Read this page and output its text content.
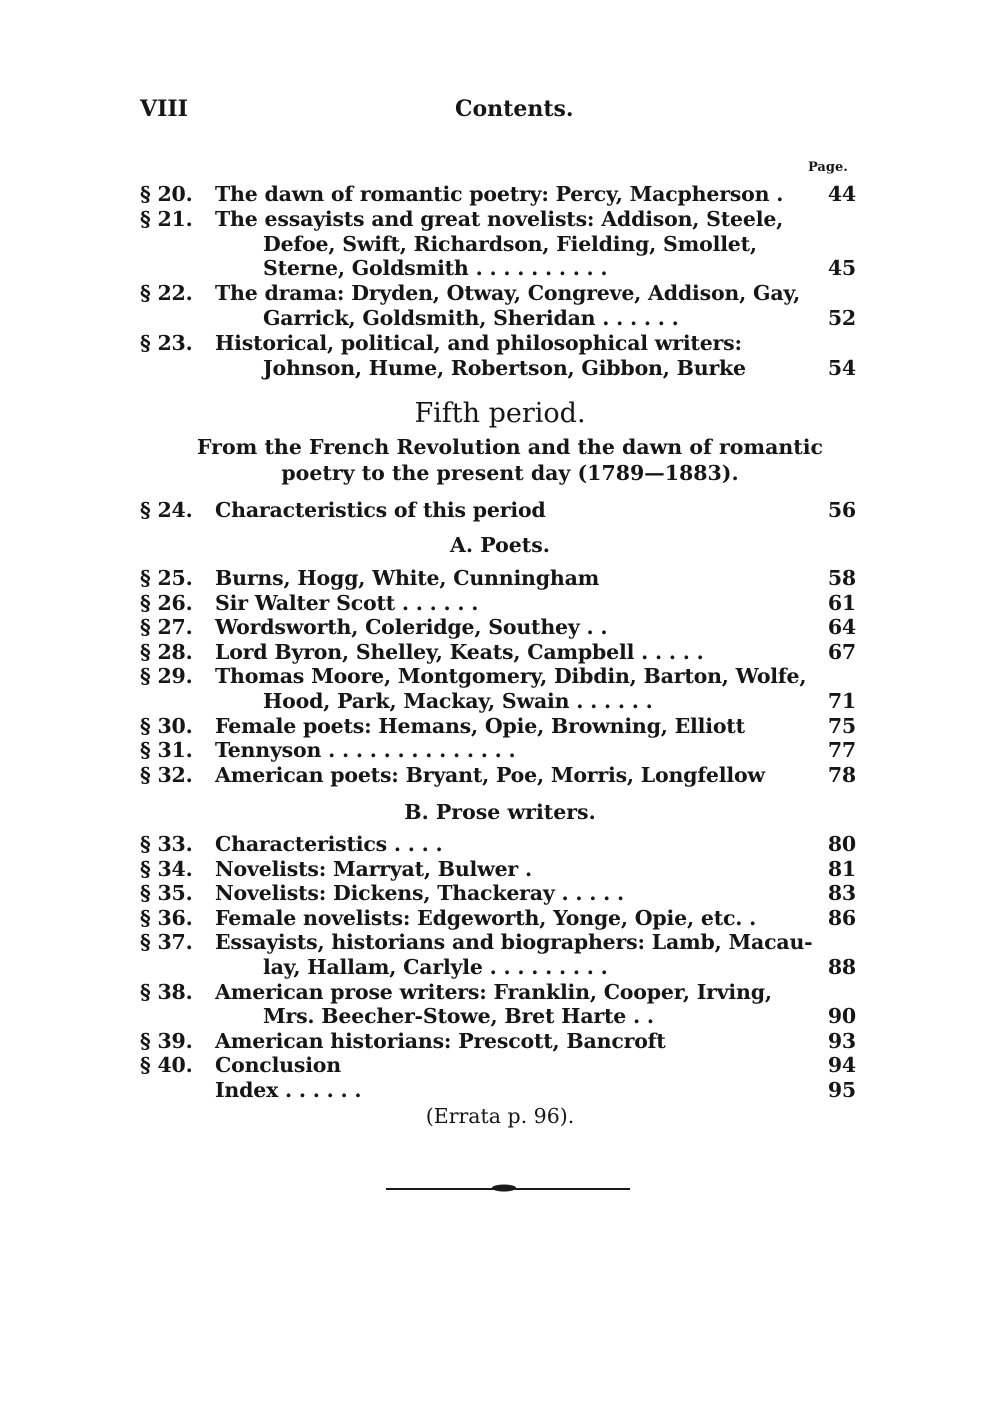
VIII	Contents.
Page.
§ 20.	The dawn of romantic poetry: Percy, Macpherson .	44
§ 21.	The essayists and great novelists: Addison, Steele,
Defoe, Swift, Richardson, Fielding, Smollet,
Sterne, Goldsmith . . . . . . . . . .	45
§ 22.	The drama: Dryden, Otway, Congreve, Addison, Gay,
Garrick, Goldsmith, Sheridan . . . . . .	52
§ 23.	Historical, political, and philosophical writers:
Johnson, Hume, Robertson, Gibbon, Burke	54
Fifth period.
From the French Revolution and the dawn of romantic poetry to the present day (1789—1883).
§ 24.	Characteristics of this period	56
A. Poets.
§ 25.	Burns, Hogg, White, Cunningham	58
§ 26.	Sir Walter Scott . . . . . .	61
§ 27.	Wordsworth, Coleridge, Southey . .	64
§ 28.	Lord Byron, Shelley, Keats, Campbell . . . . .	67
§ 29.	Thomas Moore, Montgomery, Dibdin, Barton, Wolfe,
Hood, Park, Mackay, Swain . . . . . .	71
§ 30.	Female poets: Hemans, Opie, Browning, Elliott	75
§ 31.	Tennyson . . . . . . . . . . . . . .	77
§ 32.	American poets: Bryant, Poe, Morris, Longfellow	78
B. Prose writers.
§ 33.	Characteristics . . . .	80
§ 34.	Novelists: Marryat, Bulwer .	81
§ 35.	Novelists: Dickens, Thackeray . . . . .	83
§ 36.	Female novelists: Edgeworth, Yonge, Opie, etc. .	86
§ 37.	Essayists, historians and biographers: Lamb, Macau-
lay, Hallam, Carlyle . . . . . . . . .	88
§ 38.	American prose writers: Franklin, Cooper, Irving,
Mrs. Beecher-Stowe, Bret Harte . .	90
§ 39.	American historians: Prescott, Bancroft	93
§ 40.	Conclusion	94
Index . . . . . .	95
(Errata p. 96).
